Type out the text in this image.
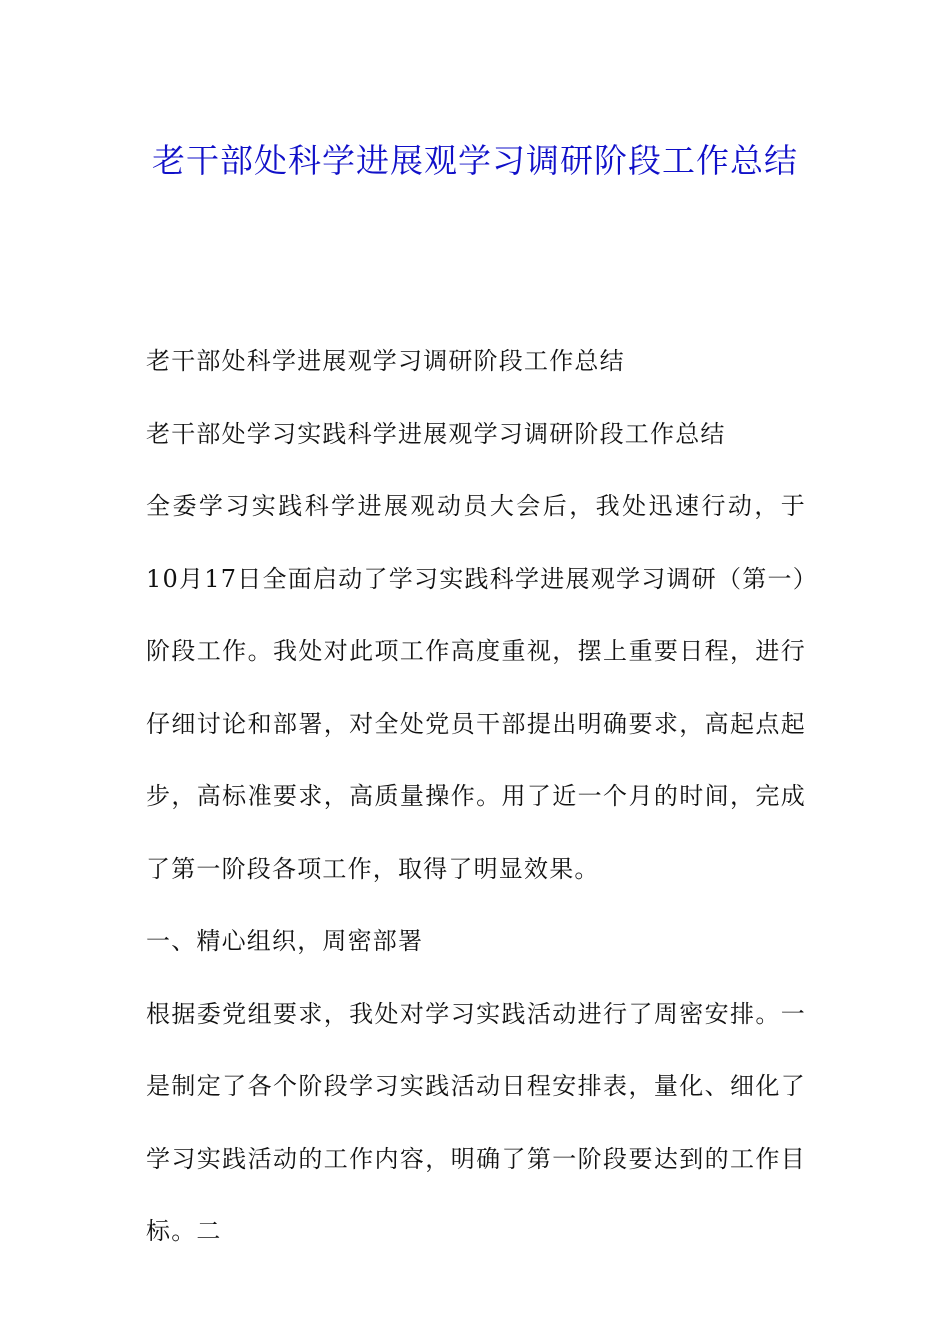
老干部处科学进展观学习调研阶段工作总结

老干部处科学进展观学习调研阶段工作总结

老干部处学习实践科学进展观学习调研阶段工作总结

全委学习实践科学进展观动员大会后，我处迅速行动，于10月17日全面启动了学习实践科学进展观学习调研（第一）阶段工作。我处对此项工作高度重视，摆上重要日程，进行仔细讨论和部署，对全处党员干部提出明确要求，高起点起步，高标准要求，高质量操作。用了近一个月的时间，完成了第一阶段各项工作，取得了明显效果。

一、精心组织，周密部署

根据委党组要求，我处对学习实践活动进行了周密安排。一是制定了各个阶段学习实践活动日程安排表，量化、细化了学习实践活动的工作内容，明确了第一阶段要达到的工作目标。二
